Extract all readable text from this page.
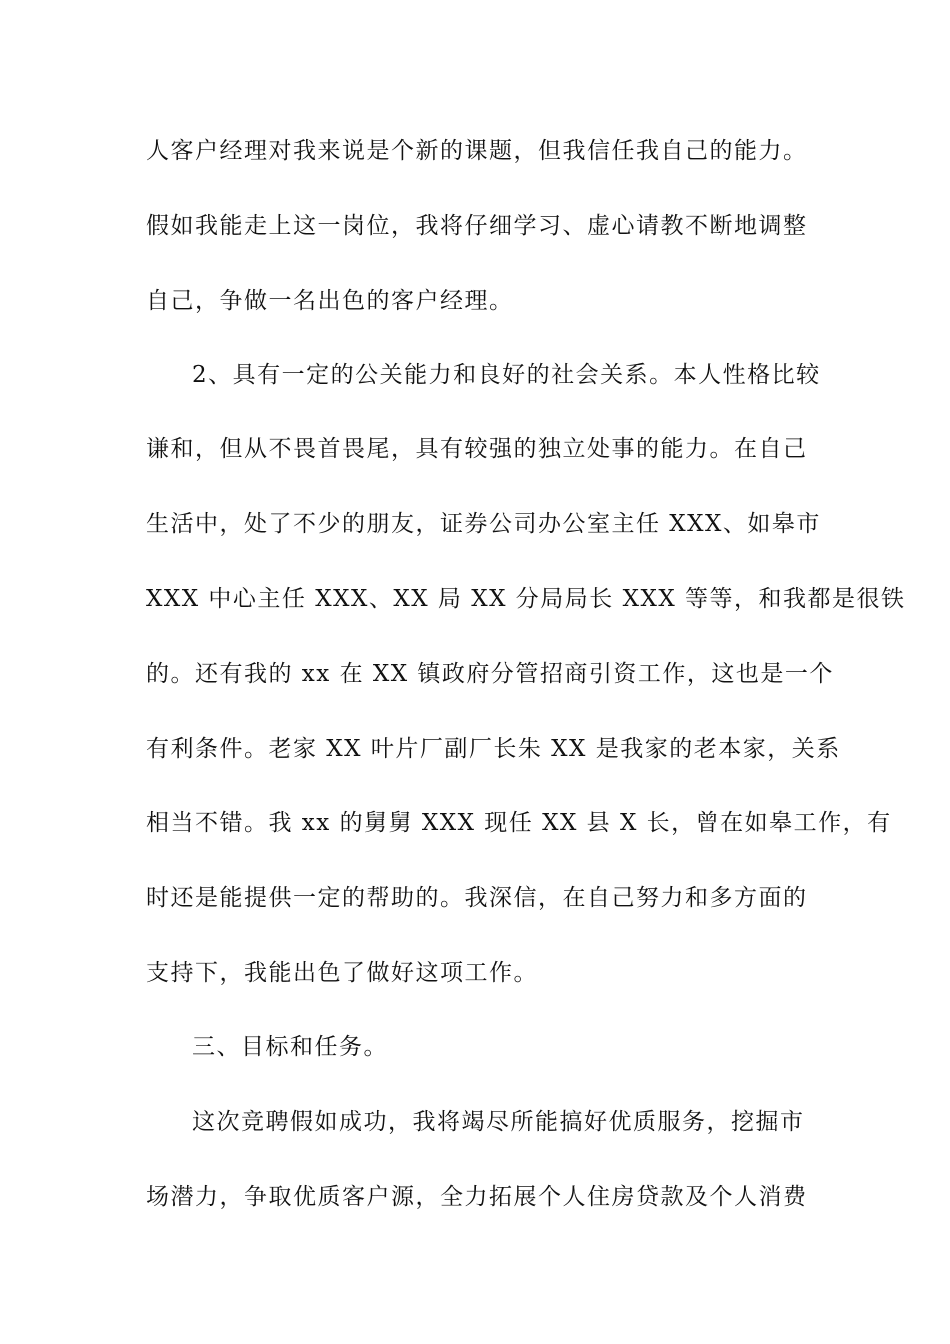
人客户经理对我来说是个新的课题，但我信任我自己的能力。
假如我能走上这一岗位，我将仔细学习、虚心请教不断地调整
自己，争做一名出色的客户经理。
2、具有一定的公关能力和良好的社会关系。本人性格比较
谦和，但从不畏首畏尾，具有较强的独立处事的能力。在自己
生活中，处了不少的朋友，证券公司办公室主任 XXX、如皋市
XXX 中心主任 XXX、XX 局 XX 分局局长 XXX 等等，和我都是很铁
的。还有我的 xx 在 XX 镇政府分管招商引资工作，这也是一个
有利条件。老家 XX 叶片厂副厂长朱 XX 是我家的老本家，关系
相当不错。我 xx 的舅舅 XXX 现任 XX 县 X 长，曾在如皋工作，有
时还是能提供一定的帮助的。我深信，在自己努力和多方面的
支持下，我能出色了做好这项工作。
三、目标和任务。
这次竞聘假如成功，我将竭尽所能搞好优质服务，挖掘市
场潜力，争取优质客户源，全力拓展个人住房贷款及个人消费
